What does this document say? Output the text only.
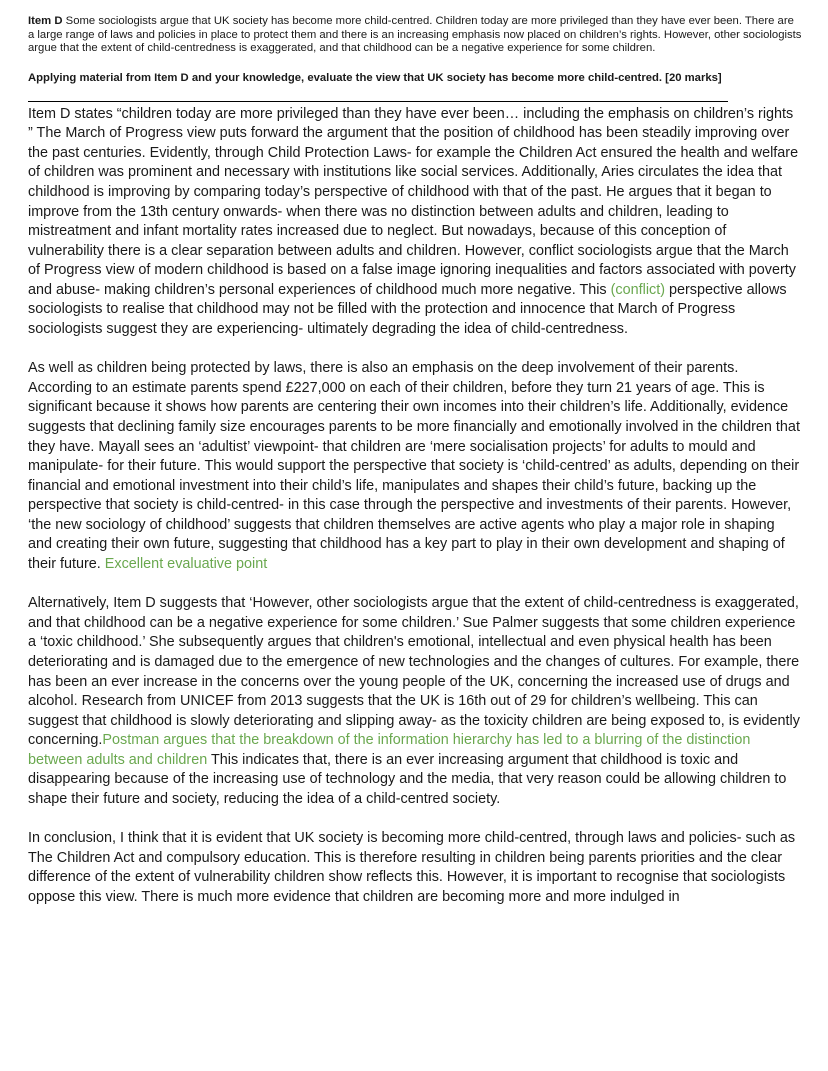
Item D Some sociologists argue that UK society has become more child-centred. Children today are more privileged than they have ever been. There are a large range of laws and policies in place to protect them and there is an increasing emphasis now placed on children’s rights. However, other sociologists argue that the extent of child-centredness is exaggerated, and that childhood can be a negative experience for some children.

Applying material from Item D and your knowledge, evaluate the view that UK society has become more child-centred. [20 marks]

Item D states “children today are more privileged than they have ever been… including the emphasis on children’s rights ” The March of Progress view puts forward the argument that the position of childhood has been steadily improving over the past centuries. Evidently, through Child Protection Laws- for example the Children Act ensured the health and welfare of children was prominent and necessary with institutions like social services. Additionally, Aries circulates the idea that childhood is improving by comparing today’s perspective of childhood with that of the past. He argues that it began to improve from the 13th century onwards- when there was no distinction between adults and children, leading to mistreatment and infant mortality rates increased due to neglect. But nowadays, because of this conception of vulnerability there is a clear separation between adults and children. However, conflict sociologists argue that the March of Progress view of modern childhood is based on a false image ignoring inequalities and factors associated with poverty and abuse- making children’s personal experiences of childhood much more negative. This (conflict) perspective allows sociologists to realise that childhood may not be filled with the protection and innocence that March of Progress sociologists suggest they are experiencing- ultimately degrading the idea of child-centredness.

As well as children being protected by laws, there is also an emphasis on the deep involvement of their parents. According to an estimate parents spend £227,000 on each of their children, before they turn 21 years of age. This is significant because it shows how parents are centering their own incomes into their children’s life. Additionally, evidence suggests that declining family size encourages parents to be more financially and emotionally involved in the children that they have. Mayall sees an ‘adultist’ viewpoint- that children are ‘mere socialisation projects’ for adults to mould and manipulate- for their future. This would support the perspective that society is ‘child-centred’ as adults, depending on their financial and emotional investment into their child’s life, manipulates and shapes their child’s future, backing up the perspective that society is child-centred- in this case through the perspective and investments of their parents. However, ‘the new sociology of childhood’ suggests that children themselves are active agents who play a major role in shaping and creating their own future, suggesting that childhood has a key part to play in their own development and shaping of their future. Excellent evaluative point

Alternatively, Item D suggests that ‘However, other sociologists argue that the extent of child-centredness is exaggerated, and that childhood can be a negative experience for some children.’ Sue Palmer suggests that some children experience a ‘toxic childhood.’ She subsequently argues that children's emotional, intellectual and even physical health has been deteriorating and is damaged due to the emergence of new technologies and the changes of cultures. For example, there has been an ever increase in the concerns over the young people of the UK, concerning the increased use of drugs and alcohol. Research from UNICEF from 2013 suggests that the UK is 16th out of 29 for children’s wellbeing. This can suggest that childhood is slowly deteriorating and slipping away- as the toxicity children are being exposed to, is evidently concerning.Postman argues that the breakdown of the information hierarchy has led to a blurring of the distinction between adults and children This indicates that, there is an ever increasing argument that childhood is toxic and disappearing because of the increasing use of technology and the media, that very reason could be allowing children to shape their future and society, reducing the idea of a child-centred society.

In conclusion, I think that it is evident that UK society is becoming more child-centred, through laws and policies- such as The Children Act and compulsory education. This is therefore resulting in children being parents priorities and the clear difference of the extent of vulnerability children show reflects this. However, it is important to recognise that sociologists oppose this view. There is much more evidence that children are becoming more and more indulged in
